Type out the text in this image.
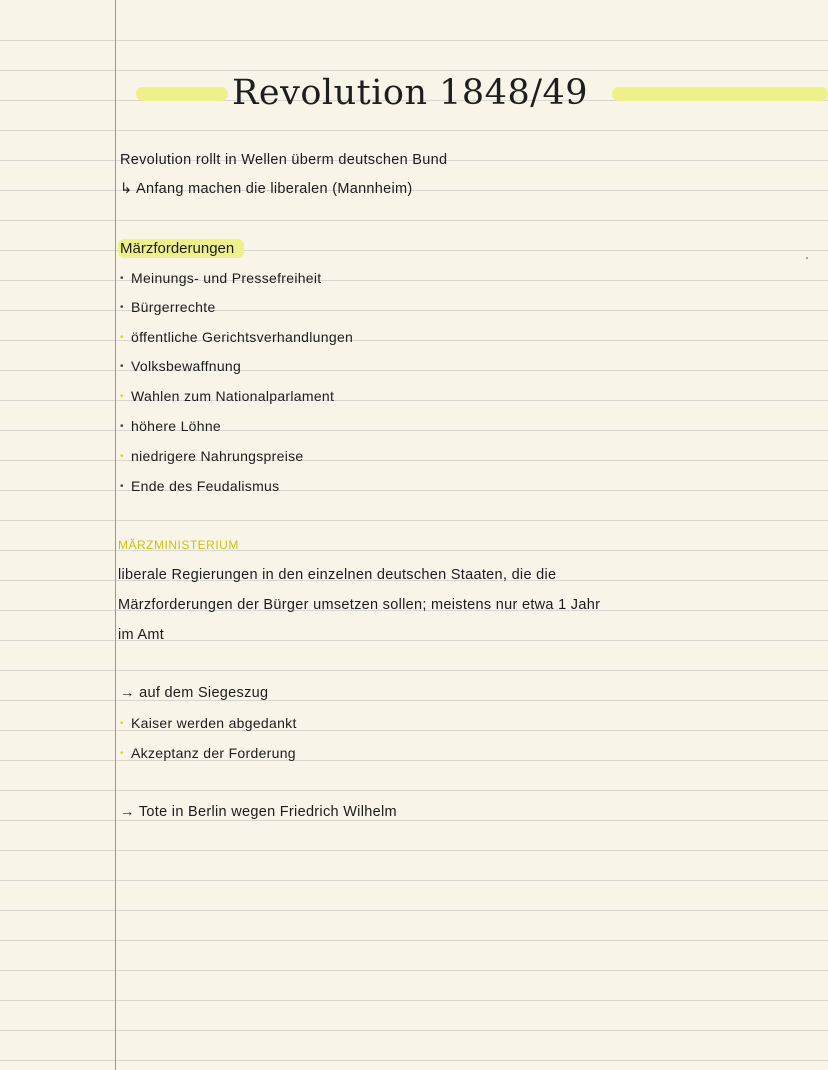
Revolution 1848/49
Revolution rollt in Wellen überm deutschen Bund
↳ Anfang machen die liberalen (Mannheim)
Märzforderungen
• Meinungs- und Pressefreiheit
• Bürgerrechte
• öffentliche Gerichtsverhandlungen
• Volksbewaffnung
• Wahlen zum Nationalparlament
• höhere Löhne
• niedrigere Nahrungspreise
• Ende des Feudalismus
MÄRZMINISTERIUM
liberale Regierungen in den einzelnen deutschen Staaten, die die
Märzforderungen der Bürger umsetzen sollen; meistens nur etwa 1 Jahr
im Amt
→ auf dem Siegeszug
• Kaiser werden abgedankt
• Akzeptanz der Forderung
→ Tote in Berlin wegen Friedrich Wilhelm
